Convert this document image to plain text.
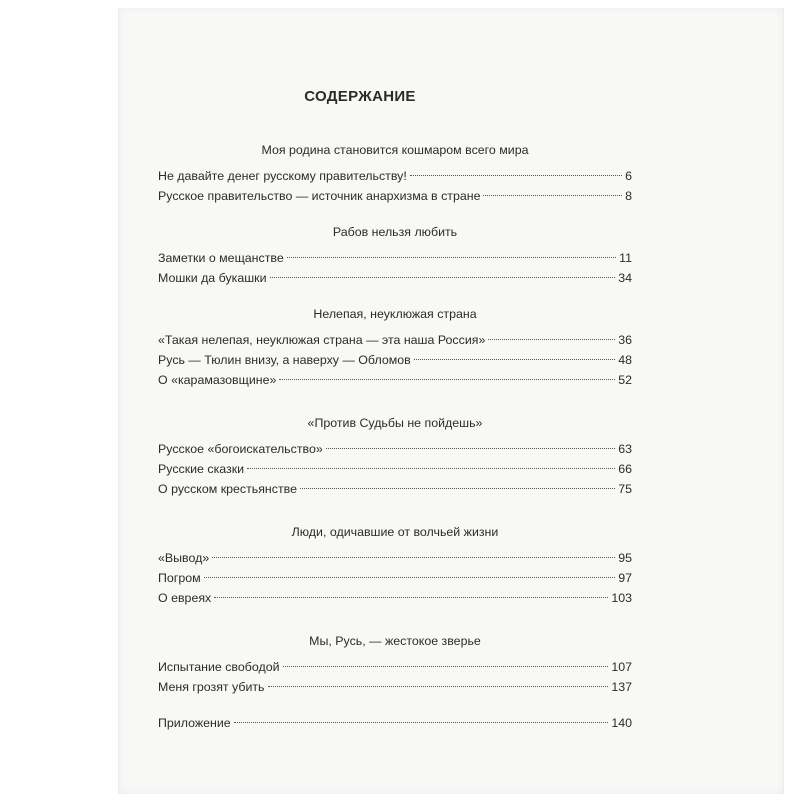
СОДЕРЖАНИЕ
Моя родина становится кошмаром всего мира
Не давайте денег русскому правительству!	6
Русское правительство — источник анархизма в стране	8
Рабов нельзя любить
Заметки о мещанстве	11
Мошки да букашки	34
Нелепая, неуклюжая страна
«Такая нелепая, неуклюжая страна — эта наша Россия»	36
Русь — Тюлин внизу, а наверху — Обломов	48
О «карамазовщине»	52
«Против Судьбы не пойдешь»
Русское «богоискательство»	63
Русские сказки	66
О русском крестьянстве	75
Люди, одичавшие от волчьей жизни
«Вывод»	95
Погром	97
О евреях	103
Мы, Русь, — жестокое зверье
Испытание свободой	107
Меня грозят убить	137
Приложение	140
